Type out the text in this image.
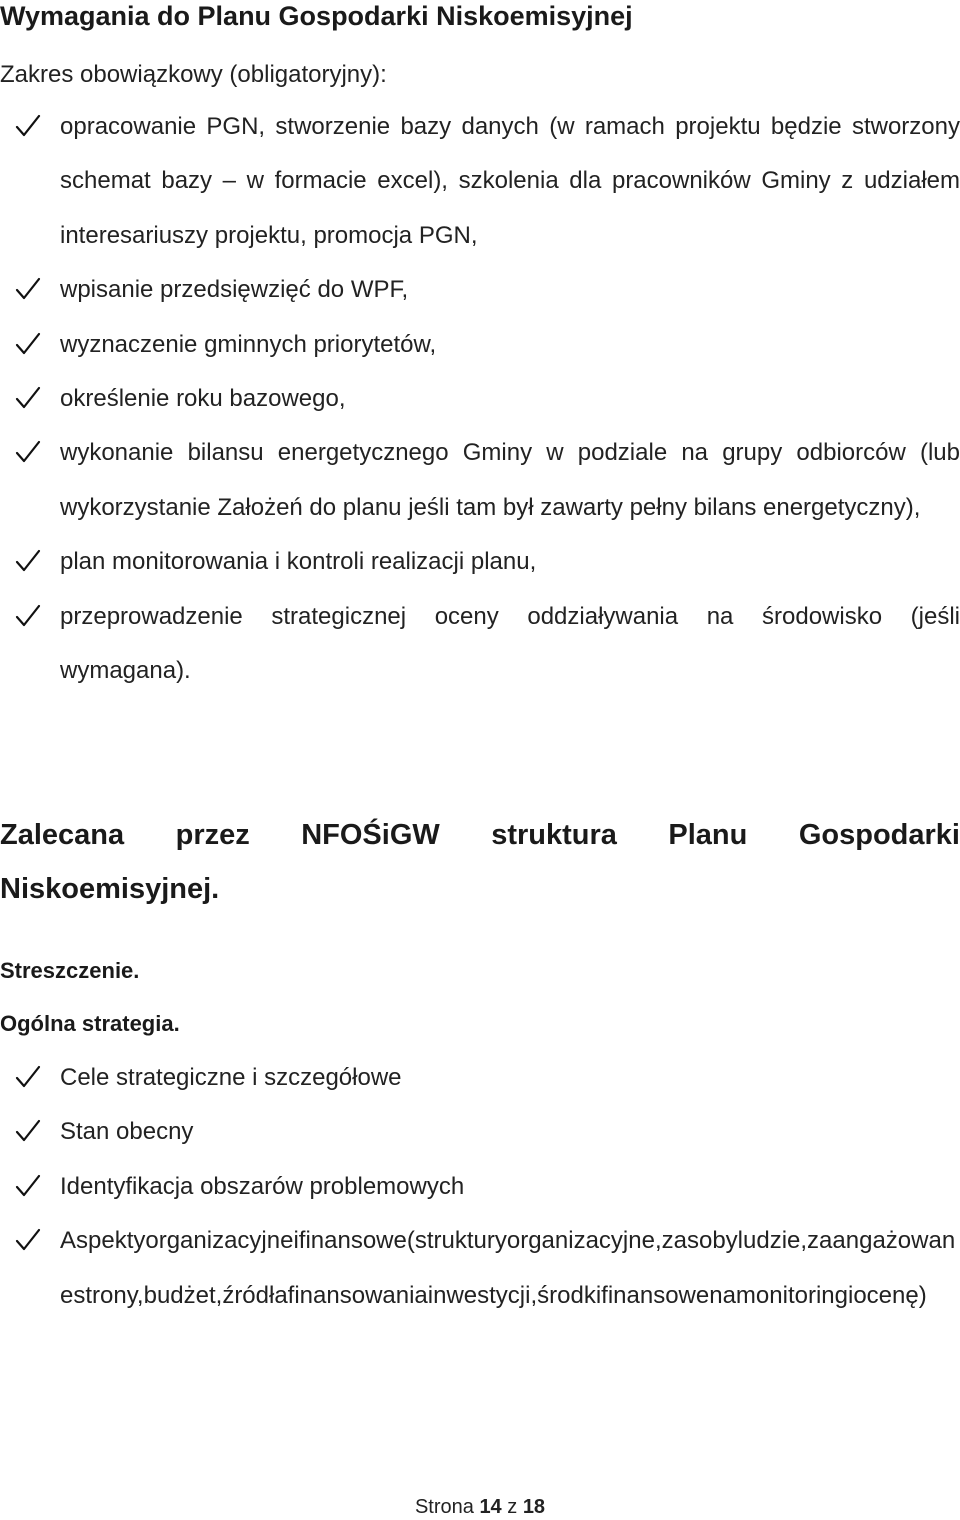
Wymagania do Planu Gospodarki Niskoemisyjnej
Zakres obowiązkowy (obligatoryjny):
opracowanie PGN, stworzenie bazy danych (w ramach projektu będzie stworzony schemat bazy – w formacie excel), szkolenia dla pracowników Gminy z udziałem interesariuszy projektu, promocja PGN,
wpisanie przedsięwzięć do WPF,
wyznaczenie gminnych priorytetów,
określenie roku bazowego,
wykonanie bilansu energetycznego Gminy w podziale na grupy odbiorców (lub wykorzystanie Założeń do planu jeśli tam był zawarty pełny bilans energetyczny),
plan monitorowania i kontroli realizacji planu,
przeprowadzenie strategicznej oceny oddziaływania na środowisko (jeśli wymagana).
Zalecana przez NFOŚiGW struktura Planu Gospodarki
Niskoemisyjnej.
Streszczenie.
Ogólna strategia.
Cele strategiczne i szczegółowe
Stan obecny
Identyfikacja obszarów problemowych
Aspektyorganizacyjneifinansowe(strukturyorganizacyjne,zasobyludzie,zaangażowanestrony,budżet,źródłafinansowaniainwestycji,środkifinansowenamonitoringiocenę)
Strona 14 z 18
